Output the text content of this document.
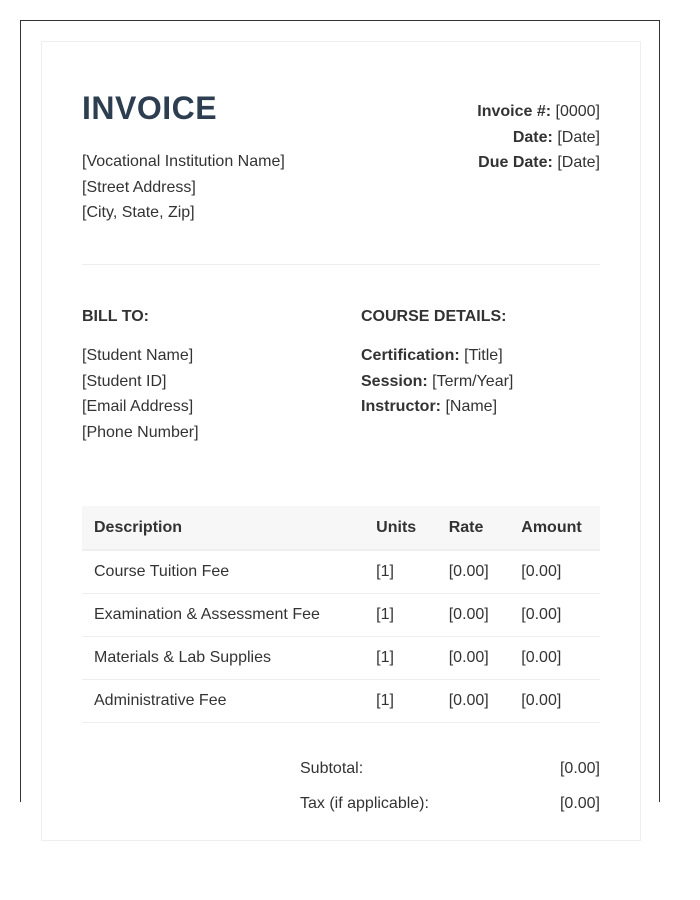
INVOICE
[Vocational Institution Name]
[Street Address]
[City, State, Zip]
Invoice #: [0000]
Date: [Date]
Due Date: [Date]
BILL TO:
[Student Name]
[Student ID]
[Email Address]
[Phone Number]
COURSE DETAILS:
Certification: [Title]
Session: [Term/Year]
Instructor: [Name]
Description	Units	Rate	Amount
Course Tuition Fee	[1]	[0.00]	[0.00]
Examination & Assessment Fee	[1]	[0.00]	[0.00]
Materials & Lab Supplies	[1]	[0.00]	[0.00]
Administrative Fee	[1]	[0.00]	[0.00]
Subtotal:	[0.00]
Tax (if applicable):	[0.00]
